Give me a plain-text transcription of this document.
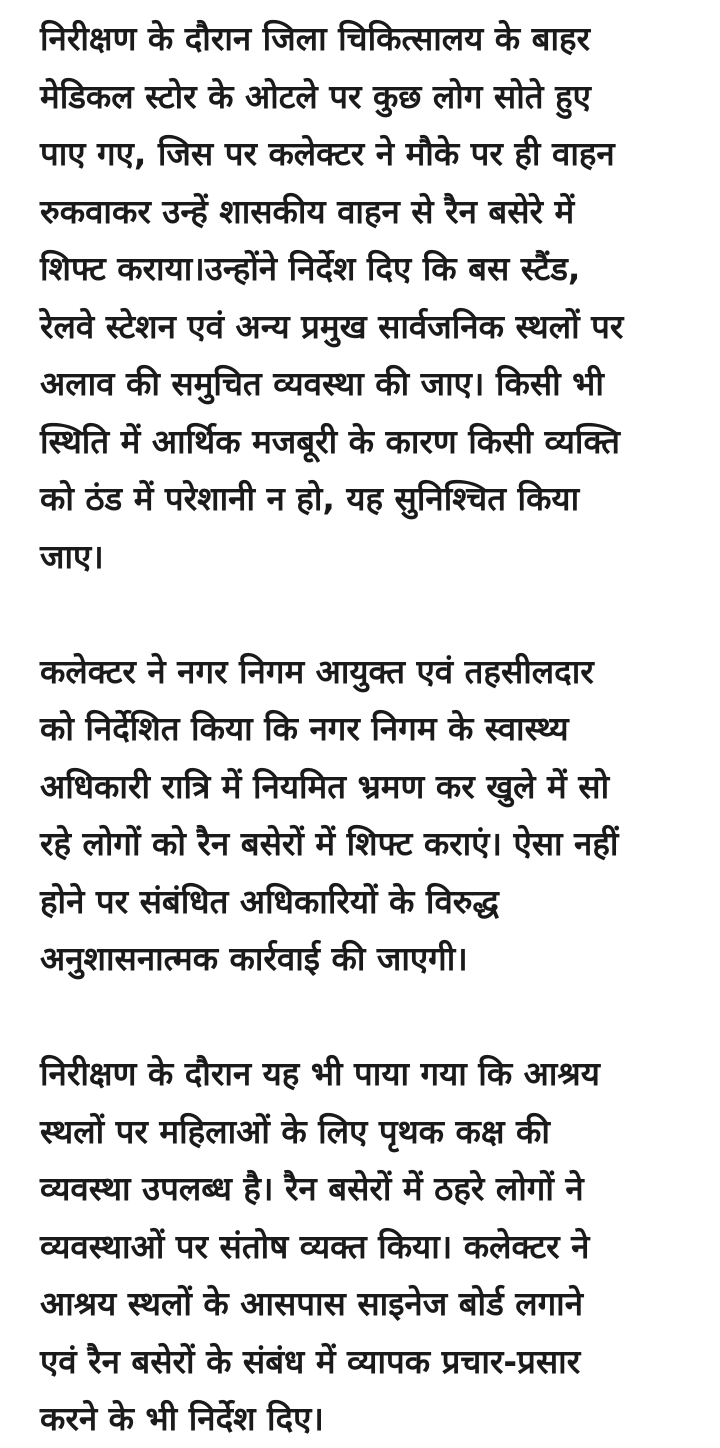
निरीक्षण के दौरान जिला चिकित्सालय के बाहर
मेडिकल स्टोर के ओटले पर कुछ लोग सोते हुए
पाए गए, जिस पर कलेक्टर ने मौके पर ही वाहन
रुकवाकर उन्हें शासकीय वाहन से रैन बसेरे में
शिफ्ट कराया।उन्होंने निर्देश दिए कि बस स्टैंड,
रेलवे स्टेशन एवं अन्य प्रमुख सार्वजनिक स्थलों पर
अलाव की समुचित व्यवस्था की जाए। किसी भी
स्थिति में आर्थिक मजबूरी के कारण किसी व्यक्ति
को ठंड में परेशानी न हो, यह सुनिश्चित किया
जाए।

कलेक्टर ने नगर निगम आयुक्त एवं तहसीलदार
को निर्देशित किया कि नगर निगम के स्वास्थ्य
अधिकारी रात्रि में नियमित भ्रमण कर खुले में सो
रहे लोगों को रैन बसेरों में शिफ्ट कराएं। ऐसा नहीं
होने पर संबंधित अधिकारियों के विरुद्ध
अनुशासनात्मक कार्रवाई की जाएगी।

निरीक्षण के दौरान यह भी पाया गया कि आश्रय
स्थलों पर महिलाओं के लिए पृथक कक्ष की
व्यवस्था उपलब्ध है। रैन बसेरों में ठहरे लोगों ने
व्यवस्थाओं पर संतोष व्यक्त किया। कलेक्टर ने
आश्रय स्थलों के आसपास साइनेज बोर्ड लगाने
एवं रैन बसेरों के संबंध में व्यापक प्रचार-प्रसार
करने के भी निर्देश दिए।
